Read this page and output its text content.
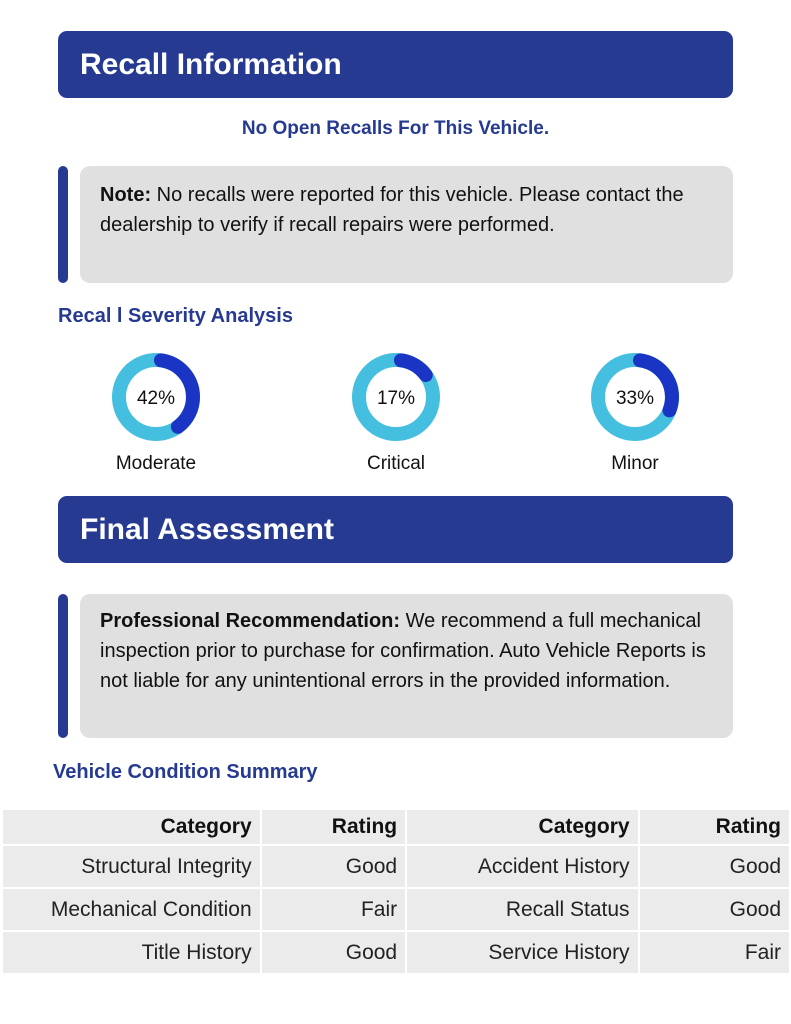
Recall Information
No Open Recalls For This Vehicle.
Note: No recalls were reported for this vehicle. Please contact the dealership to verify if recall repairs were performed.
Recal l Severity Analysis
42%
Moderate
17%
Critical
33%
Minor
Final Assessment
Professional Recommendation: We recommend a full mechanical inspection prior to purchase for confirmation. Auto Vehicle Reports is not liable for any unintentional errors in the provided information.
Vehicle Condition Summary
Category	Rating	Category	Rating
Structural Integrity	Good	Accident History	Good
Mechanical Condition	Fair	Recall Status	Good
Title History	Good	Service History	Fair
